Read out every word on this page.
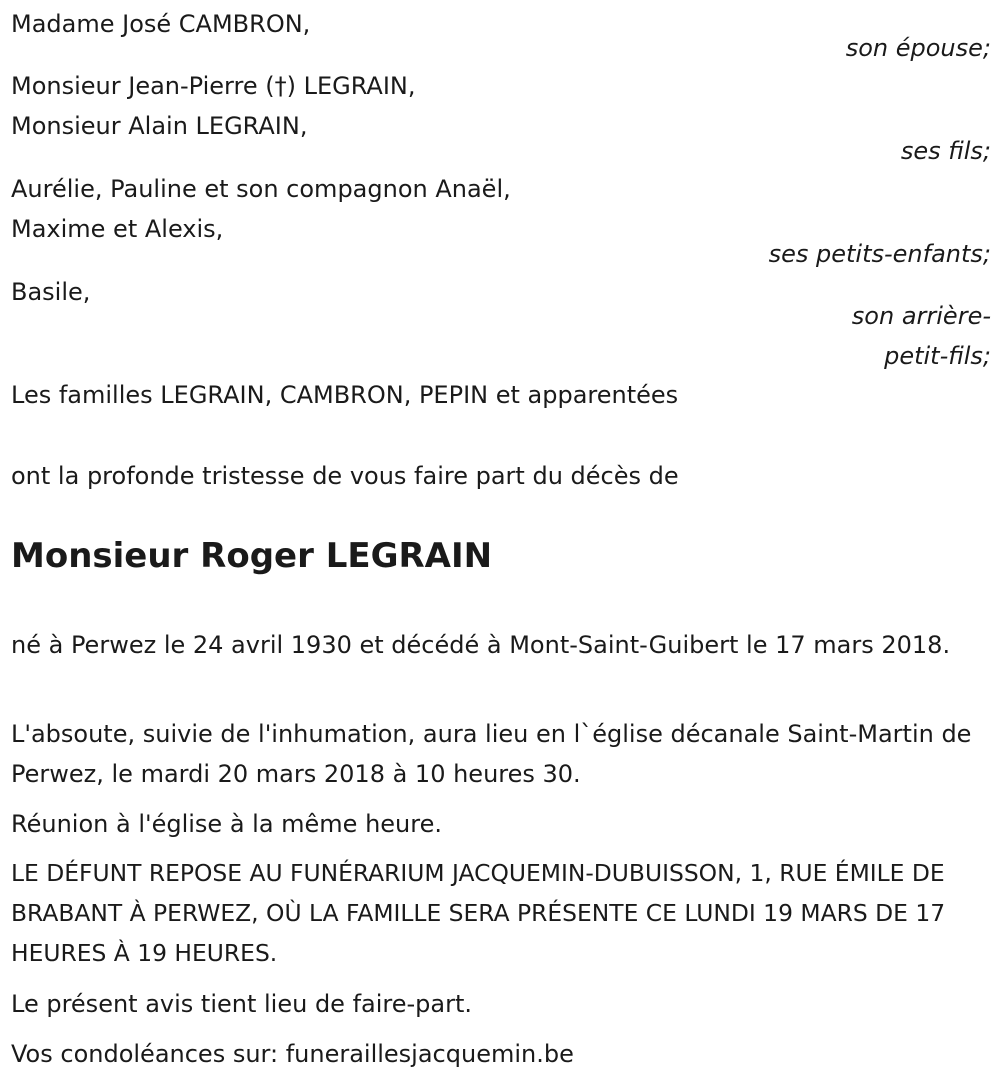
Madame José CAMBRON,
son épouse;
Monsieur Jean-Pierre (†) LEGRAIN,
Monsieur Alain LEGRAIN,
ses fils;
Aurélie, Pauline et son compagnon Anaël,
Maxime et Alexis,
ses petits-enfants;
Basile,
son arrière-
petit-fils;
Les familles LEGRAIN, CAMBRON, PEPIN et apparentées
ont la profonde tristesse de vous faire part du décès de
Monsieur Roger LEGRAIN
né à Perwez le 24 avril 1930 et décédé à Mont-Saint-Guibert le 17 mars 2018.
L'absoute, suivie de l'inhumation, aura lieu en l`église décanale Saint-Martin de Perwez, le mardi 20 mars 2018 à 10 heures 30.
Réunion à l'église à la même heure.
LE DÉFUNT REPOSE AU FUNÉRARIUM JACQUEMIN-DUBUISSON, 1, RUE ÉMILE DE BRABANT À PERWEZ, OÙ LA FAMILLE SERA PRÉSENTE CE LUNDI 19 MARS DE 17 HEURES À 19 HEURES.
Le présent avis tient lieu de faire-part.
Vos condoléances sur: funeraillesjacquemin.be
